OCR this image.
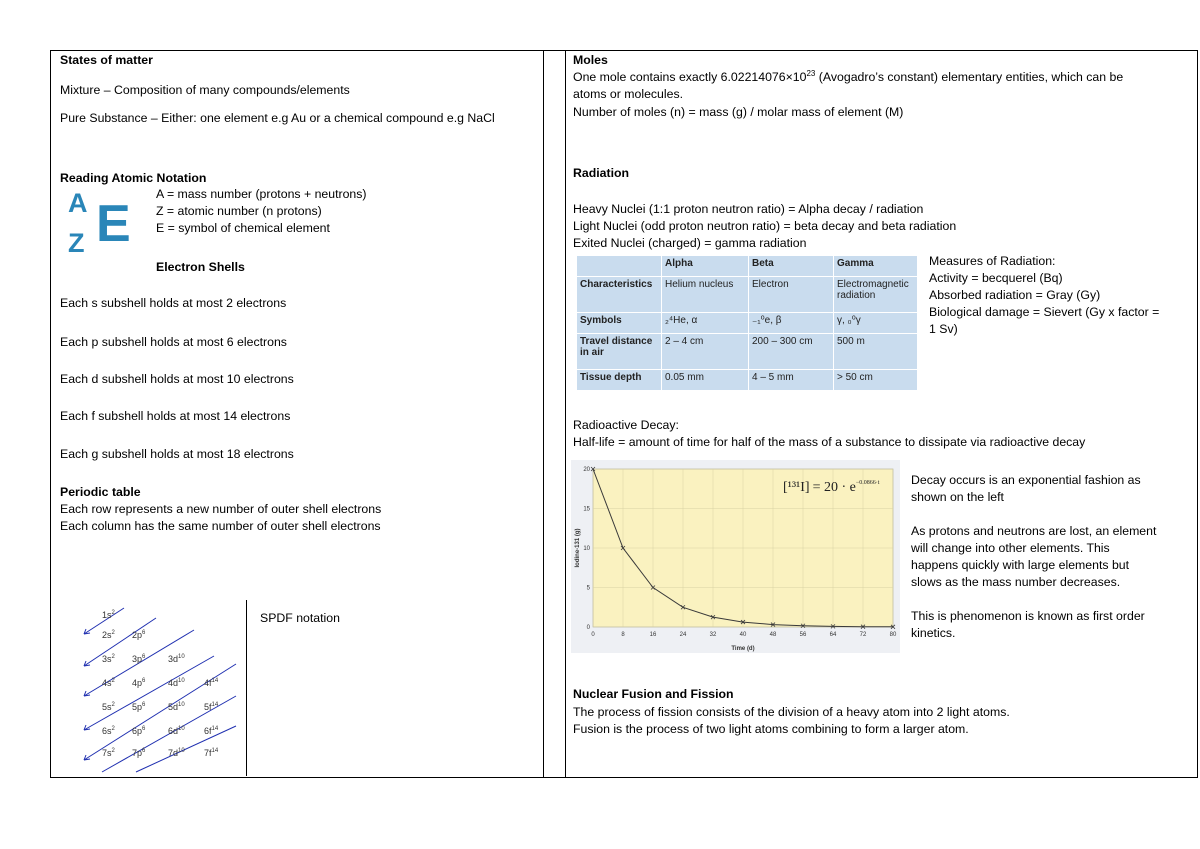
States of matter
Mixture – Composition of many compounds/elements
Pure Substance – Either: one element e.g Au or a chemical compound e.g NaCl
Reading Atomic Notation
A E
Z

A = mass number (protons + neutrons)

Z = atomic number (n protons)

E = symbol of chemical element

Electron Shells
Each s subshell holds at most 2 electrons
Each p subshell holds at most 6 electrons
Each d subshell holds at most 10 electrons
Each f subshell holds at most 14 electrons
Each g subshell holds at most 18 electrons
Periodic table
Each row represents a new number of outer shell electrons
Each column has the same number of outer shell electrons
SPDF notation
$1s^2$
$2s^2$ $2p^6$
$3s^2$ $3p^6$	$3d^{10}$
$4s^2$ $4p^6$	$4d^{10}$ $4f^{14}$
$5s^2$ $5p^6$	$5d^{10}$ $5f^{14}$
$6s^2$ $6p^6$	$6d^{10}$ $6f^{14}$
$7s^2$ $7p^6$	$7d^{10}$ $7f^{14}$
Moles
One mole contains exactly $6.02214076\times 10^{23}$ (Avogadro’s constant) elementary entities, which can be
atoms or molecules.
Number of moles (n) = mass (g) / molar mass of element (M)
Radiation

Heavy Nuclei (1:1 proton neutron ratio) = Alpha decay / radiation

Light Nuclei (odd proton neutron ratio) = beta decay and beta radiation

Exited Nuclei (charged) = gamma radiation

	Alpha	Beta	Gamma
Characteristics	Helium nucleus	Electron	Electromagnetic radiation
Symbols	₂⁴He, α	₋₁⁰e, β	γ, ₀⁰γ
Travel distance in air	2 – 4 cm	200 – 300 cm	500 m
Tissue depth	0.05 mm	4 – 5 mm	> 50 cm

Measures of Radiation:

Activity = becquerel (Bq)

Absorbed radiation = Gray (Gy)

Biological damage = Sievert (Gy x factor =

1 Sv)

Radioactive Decay:
Half-life = amount of time for half of the mass of a substance to dissipate via radioactive decay
0	8	16	24	32	40	48	56	64	72	80
0
5
10
15
20
Time (d)
Iodine-131 (g)
$[^{131}I] = 20 \cdot e^{-0.0866\cdot t}$	Decay occurs is an exponential fashion as

shown on the left

As protons and neutrons are lost, an element

will change into other elements. This

happens quickly with large elements but

slows as the mass number decreases.

This is phenomenon is known as first order

kinetics.

Nuclear Fusion and Fission
The process of fission consists of the division of a heavy atom into 2 light atoms.
Fusion is the process of two light atoms combining to form a larger atom.
